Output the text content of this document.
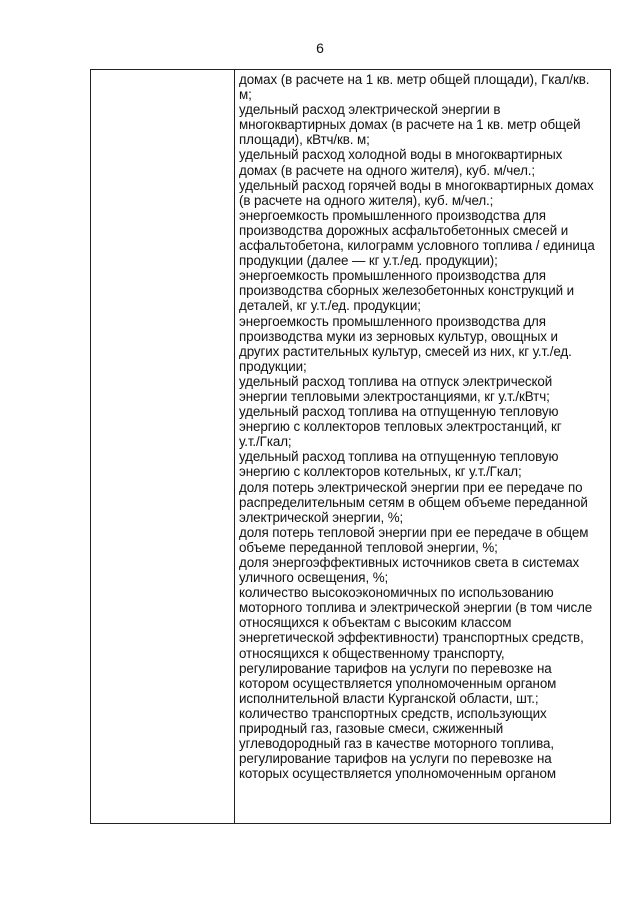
6
домах (в расчете на 1 кв. метр общей площади), Гкал/кв.
м;
удельный расход электрической энергии в
многоквартирных домах (в расчете на 1 кв. метр общей
площади), кВтч/кв. м;
удельный расход холодной воды в многоквартирных
домах (в расчете на одного жителя), куб. м/чел.;
удельный расход горячей воды в многоквартирных домах
(в расчете на одного жителя), куб. м/чел.;
энергоемкость промышленного производства для
производства дорожных асфальтобетонных смесей и
асфальтобетона, килограмм условного топлива / единица
продукции (далее — кг у.т./ед. продукции);
энергоемкость промышленного производства для
производства сборных железобетонных конструкций и
деталей, кг у.т./ед. продукции;
энергоемкость промышленного производства для
производства муки из зерновых культур, овощных и
других растительных культур, смесей из них, кг у.т./ед.
продукции;
удельный расход топлива на отпуск электрической
энергии тепловыми электростанциями, кг у.т./кВтч;
удельный расход топлива на отпущенную тепловую
энергию с коллекторов тепловых электростанций, кг
у.т./Гкал;
удельный расход топлива на отпущенную тепловую
энергию с коллекторов котельных, кг у.т./Гкал;
доля потерь электрической энергии при ее передаче по
распределительным сетям в общем объеме переданной
электрической энергии, %;
доля потерь тепловой энергии при ее передаче в общем
объеме переданной тепловой энергии, %;
доля энергоэффективных источников света в системах
уличного освещения, %;
количество высокоэкономичных по использованию
моторного топлива и электрической энергии (в том числе
относящихся к объектам с высоким классом
энергетической эффективности) транспортных средств,
относящихся к общественному транспорту,
регулирование тарифов на услуги по перевозке на
котором осуществляется уполномоченным органом
исполнительной власти Курганской области, шт.;
количество транспортных средств, использующих
природный газ, газовые смеси, сжиженный
углеводородный газ в качестве моторного топлива,
регулирование тарифов на услуги по перевозке на
которых осуществляется уполномоченным органом
